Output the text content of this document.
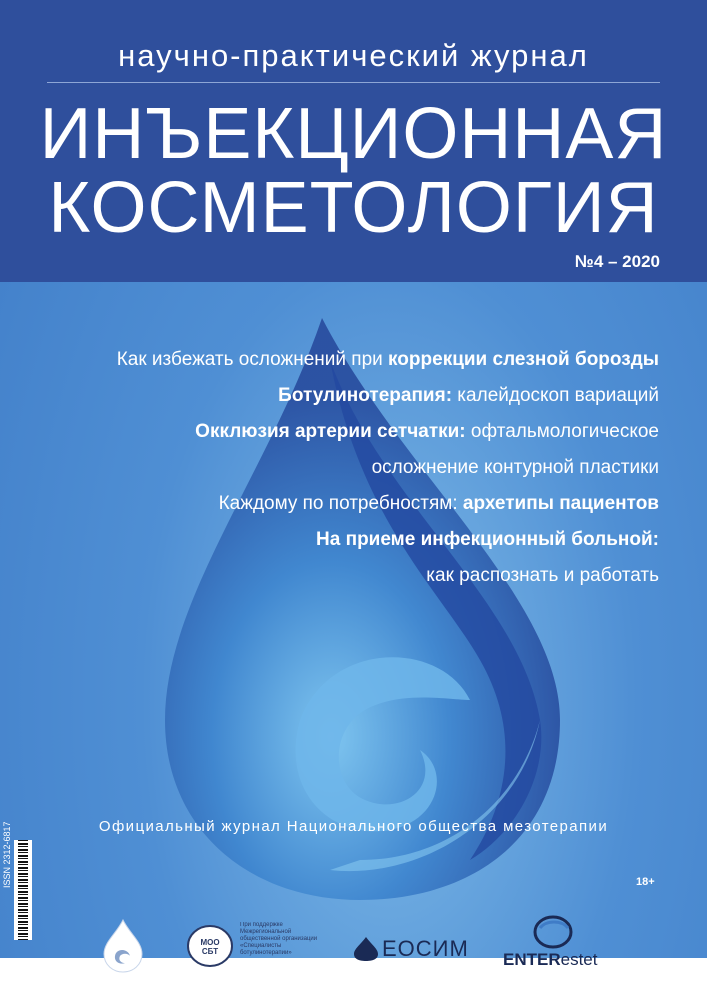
научно-практический журнал
ИНЪЕКЦИОННАЯ
КОСМЕТОЛОГИЯ
№4 – 2020
Как избежать осложнений при коррекции слезной борозды
Ботулинотерапия: калейдоскоп вариаций
Окклюзия артерии сетчатки: офтальмологическое
осложнение контурной пластики
Каждому по потребностям: архетипы пациентов
На приеме инфекционный больной:
как распознать и работать
Официальный журнал Национального общества мезотерапии
18+
ISSN 2312-6817
МОО СБТ
При поддержке Межрегиональной общественной организации «Специалисты ботулинотерапии»	ЕОСИМ ENTERestet
